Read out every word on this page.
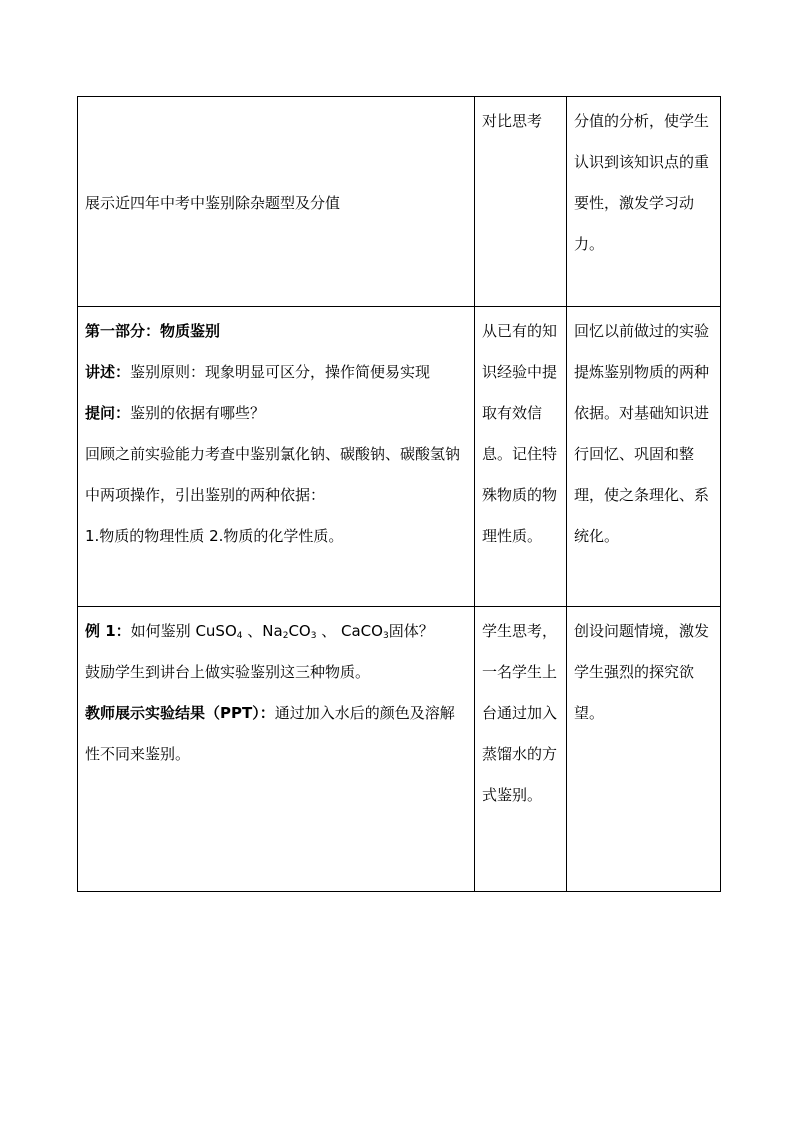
展示近四年中考中鉴别除杂题型及分值	对比思考	分值的分析，使学生认识到该知识点的重要性，激发学习动力。

第一部分：物质鉴别
讲述：鉴别原则：现象明显可区分，操作简便易实现
提问：鉴别的依据有哪些？
回顾之前实验能力考查中鉴别氯化钠、碳酸钠、碳酸氢钠中两项操作，引出鉴别的两种依据：
1.物质的物理性质 2.物质的化学性质。	从已有的知识经验中提取有效信息。记住特殊物质的物理性质。	回忆以前做过的实验提炼鉴别物质的两种依据。对基础知识进行回忆、巩固和整理，使之条理化、系统化。

例 1：如何鉴别 CuSO$_4$ 、$Na_2CO_3$ 、 CaCO$_3$固体？
鼓励学生到讲台上做实验鉴别这三种物质。
教师展示实验结果（PPT）：通过加入水后的颜色及溶解性不同来鉴别。	学生思考，一名学生上台通过加入蒸馏水的方式鉴别。	创设问题情境，激发学生强烈的探究欲望。
